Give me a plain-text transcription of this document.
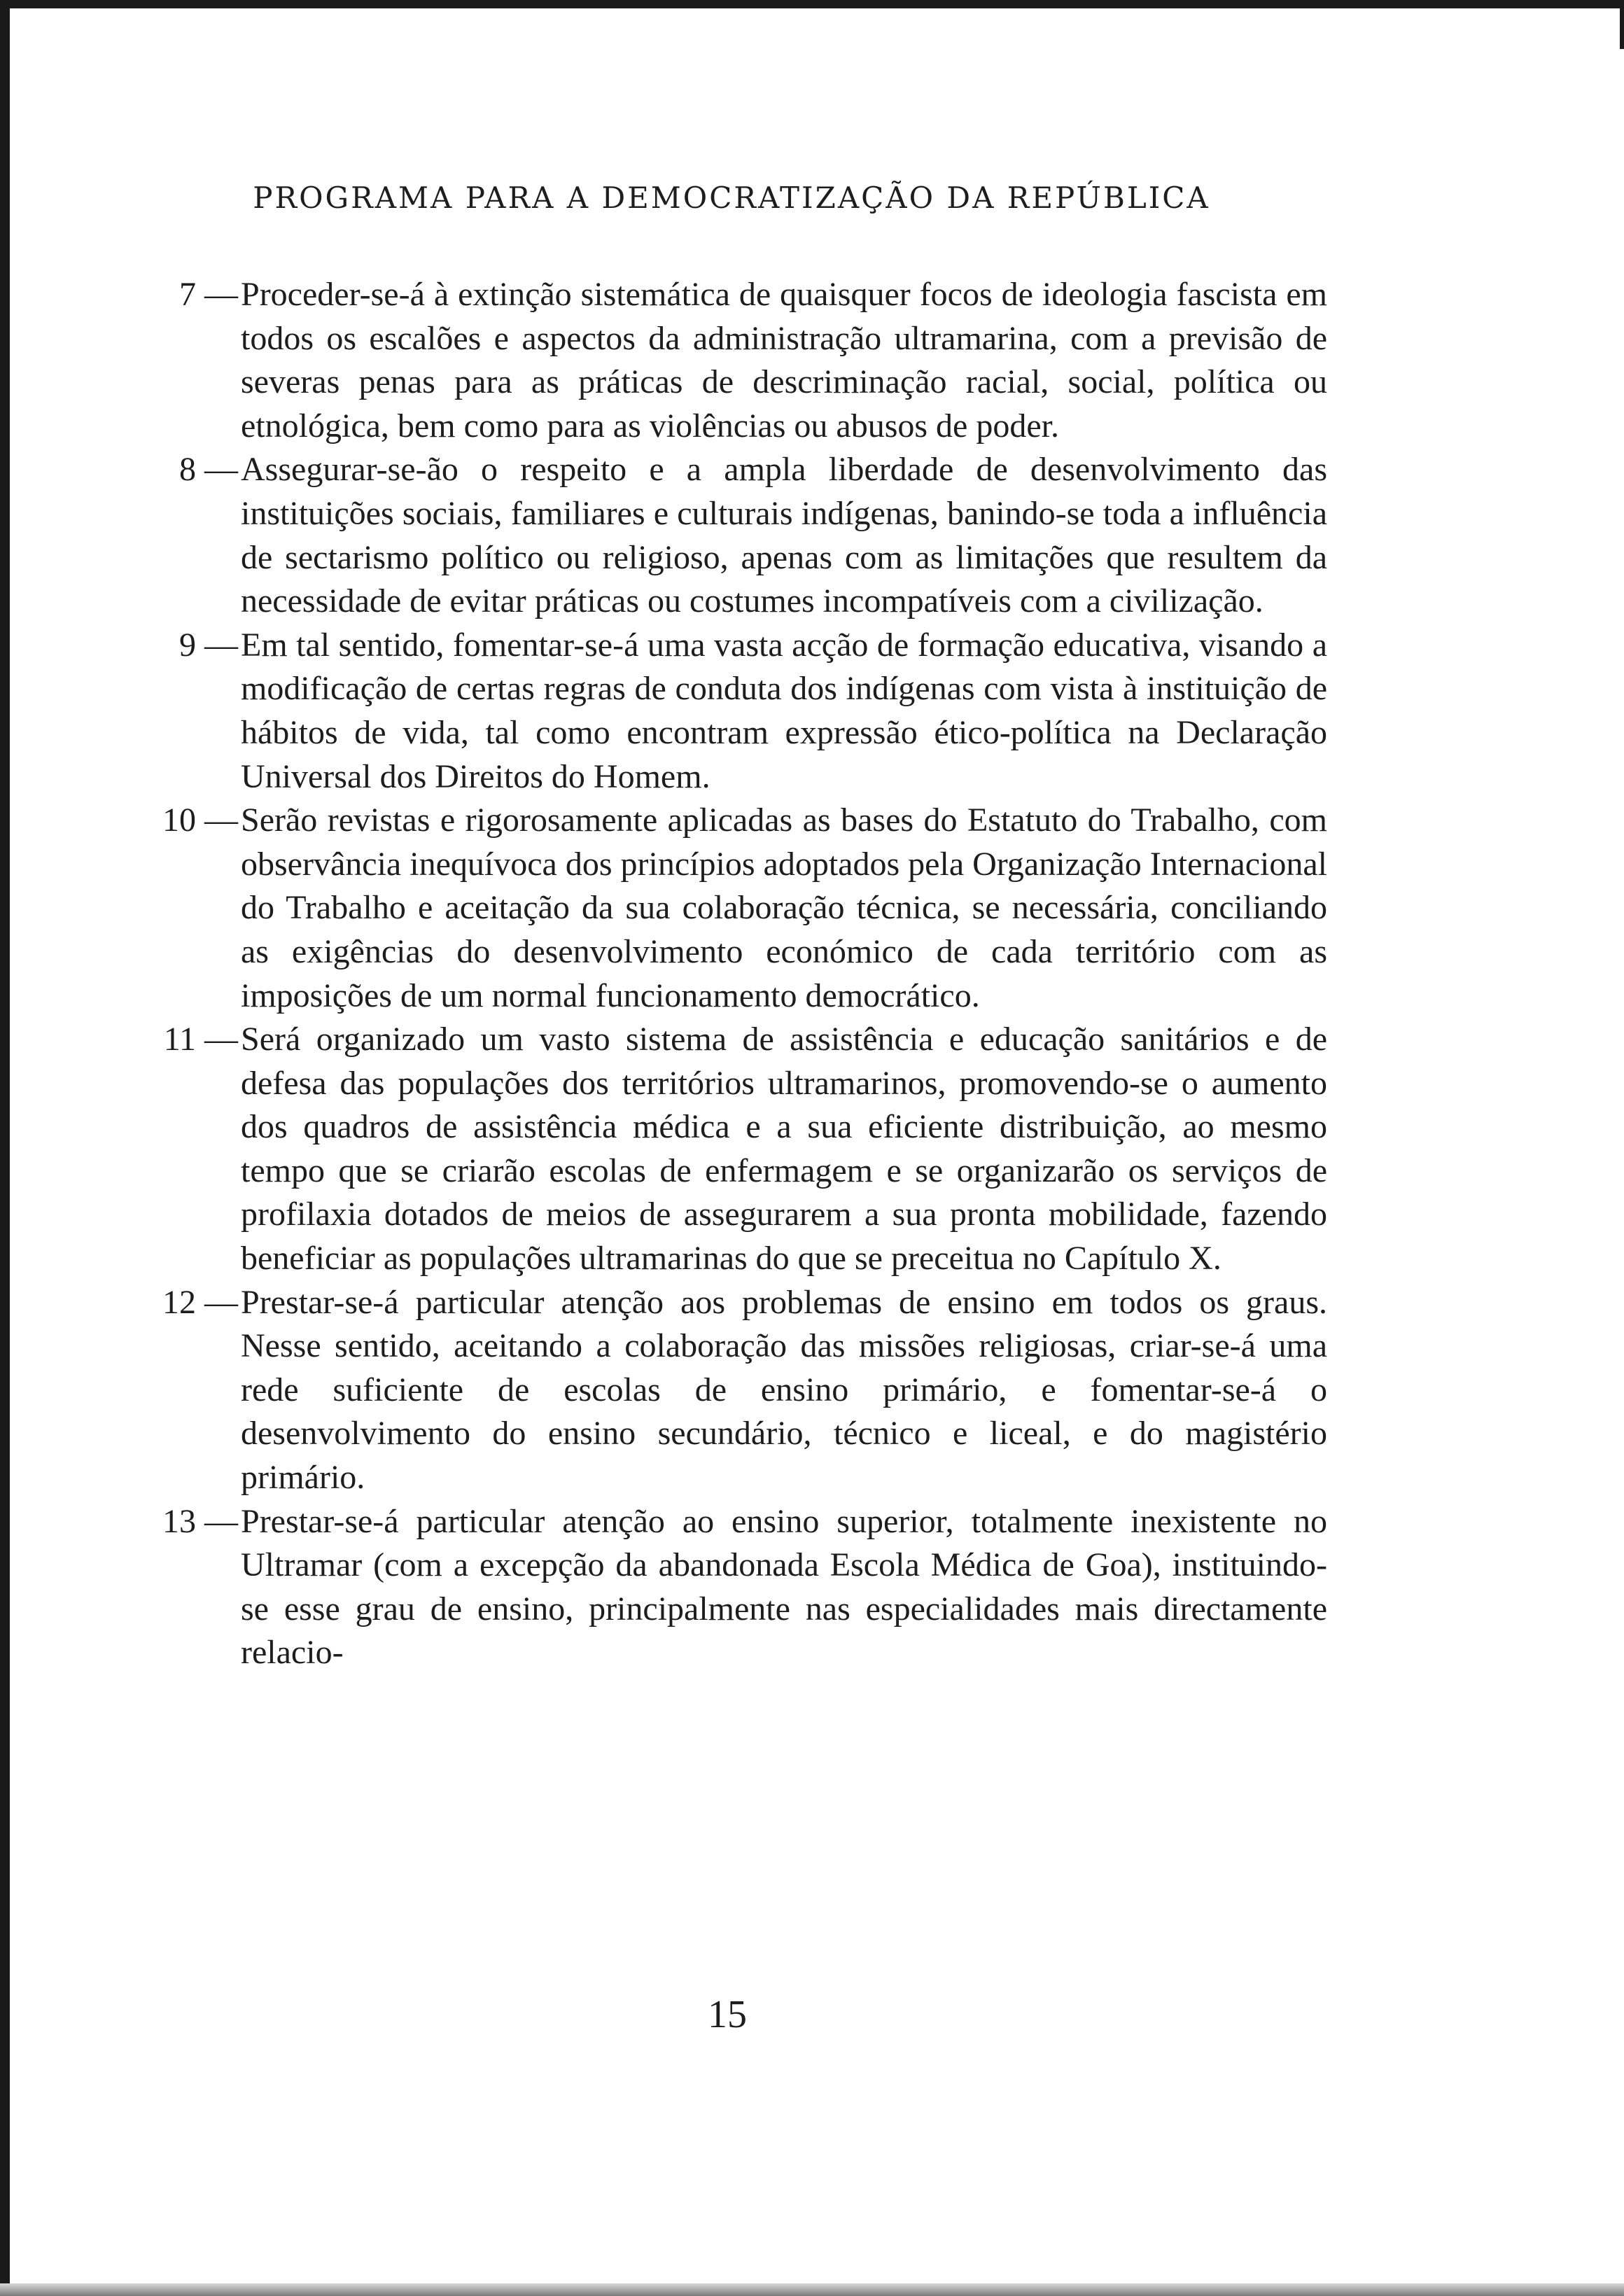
PROGRAMA PARA A DEMOCRATIZAÇÃO DA REPÚBLICA
7 — Proceder-se-á à extinção sistemática de quaisquer focos de ideologia fascista em todos os escalões e aspectos da administração ultramarina, com a previsão de severas penas para as práticas de descriminação racial, social, política ou etnológica, bem como para as violências ou abusos de poder.

8 — Assegurar-se-ão o respeito e a ampla liberdade de desenvolvimento das instituições sociais, familiares e culturais indígenas, banindo-se toda a influência de sectarismo político ou religioso, apenas com as limitações que resultem da necessidade de evitar práticas ou costumes incompatíveis com a civilização.

9 — Em tal sentido, fomentar-se-á uma vasta acção de formação educativa, visando a modificação de certas regras de conduta dos indígenas com vista à instituição de hábitos de vida, tal como encontram expressão ético-política na Declaração Universal dos Direitos do Homem.

10 — Serão revistas e rigorosamente aplicadas as bases do Estatuto do Trabalho, com observância inequívoca dos princípios adoptados pela Organização Internacional do Trabalho e aceitação da sua colaboração técnica, se necessária, conciliando as exigências do desenvolvimento económico de cada território com as imposições de um normal funcionamento democrático.

11 — Será organizado um vasto sistema de assistência e educação sanitários e de defesa das populações dos territórios ultramarinos, promovendo-se o aumento dos quadros de assistência médica e a sua eficiente distribuição, ao mesmo tempo que se criarão escolas de enfermagem e se organizarão os serviços de profilaxia dotados de meios de assegurarem a sua pronta mobilidade, fazendo beneficiar as populações ultramarinas do que se preceitua no Capítulo X.

12 — Prestar-se-á particular atenção aos problemas de ensino em todos os graus. Nesse sentido, aceitando a colaboração das missões religiosas, criar-se-á uma rede suficiente de escolas de ensino primário, e fomentar-se-á o desenvolvimento do ensino secundário, técnico e liceal, e do magistério primário.

13 — Prestar-se-á particular atenção ao ensino superior, totalmente inexistente no Ultramar (com a excepção da abandonada Escola Médica de Goa), instituindo-se esse grau de ensino, principalmente nas especialidades mais directamente relacio-

15
